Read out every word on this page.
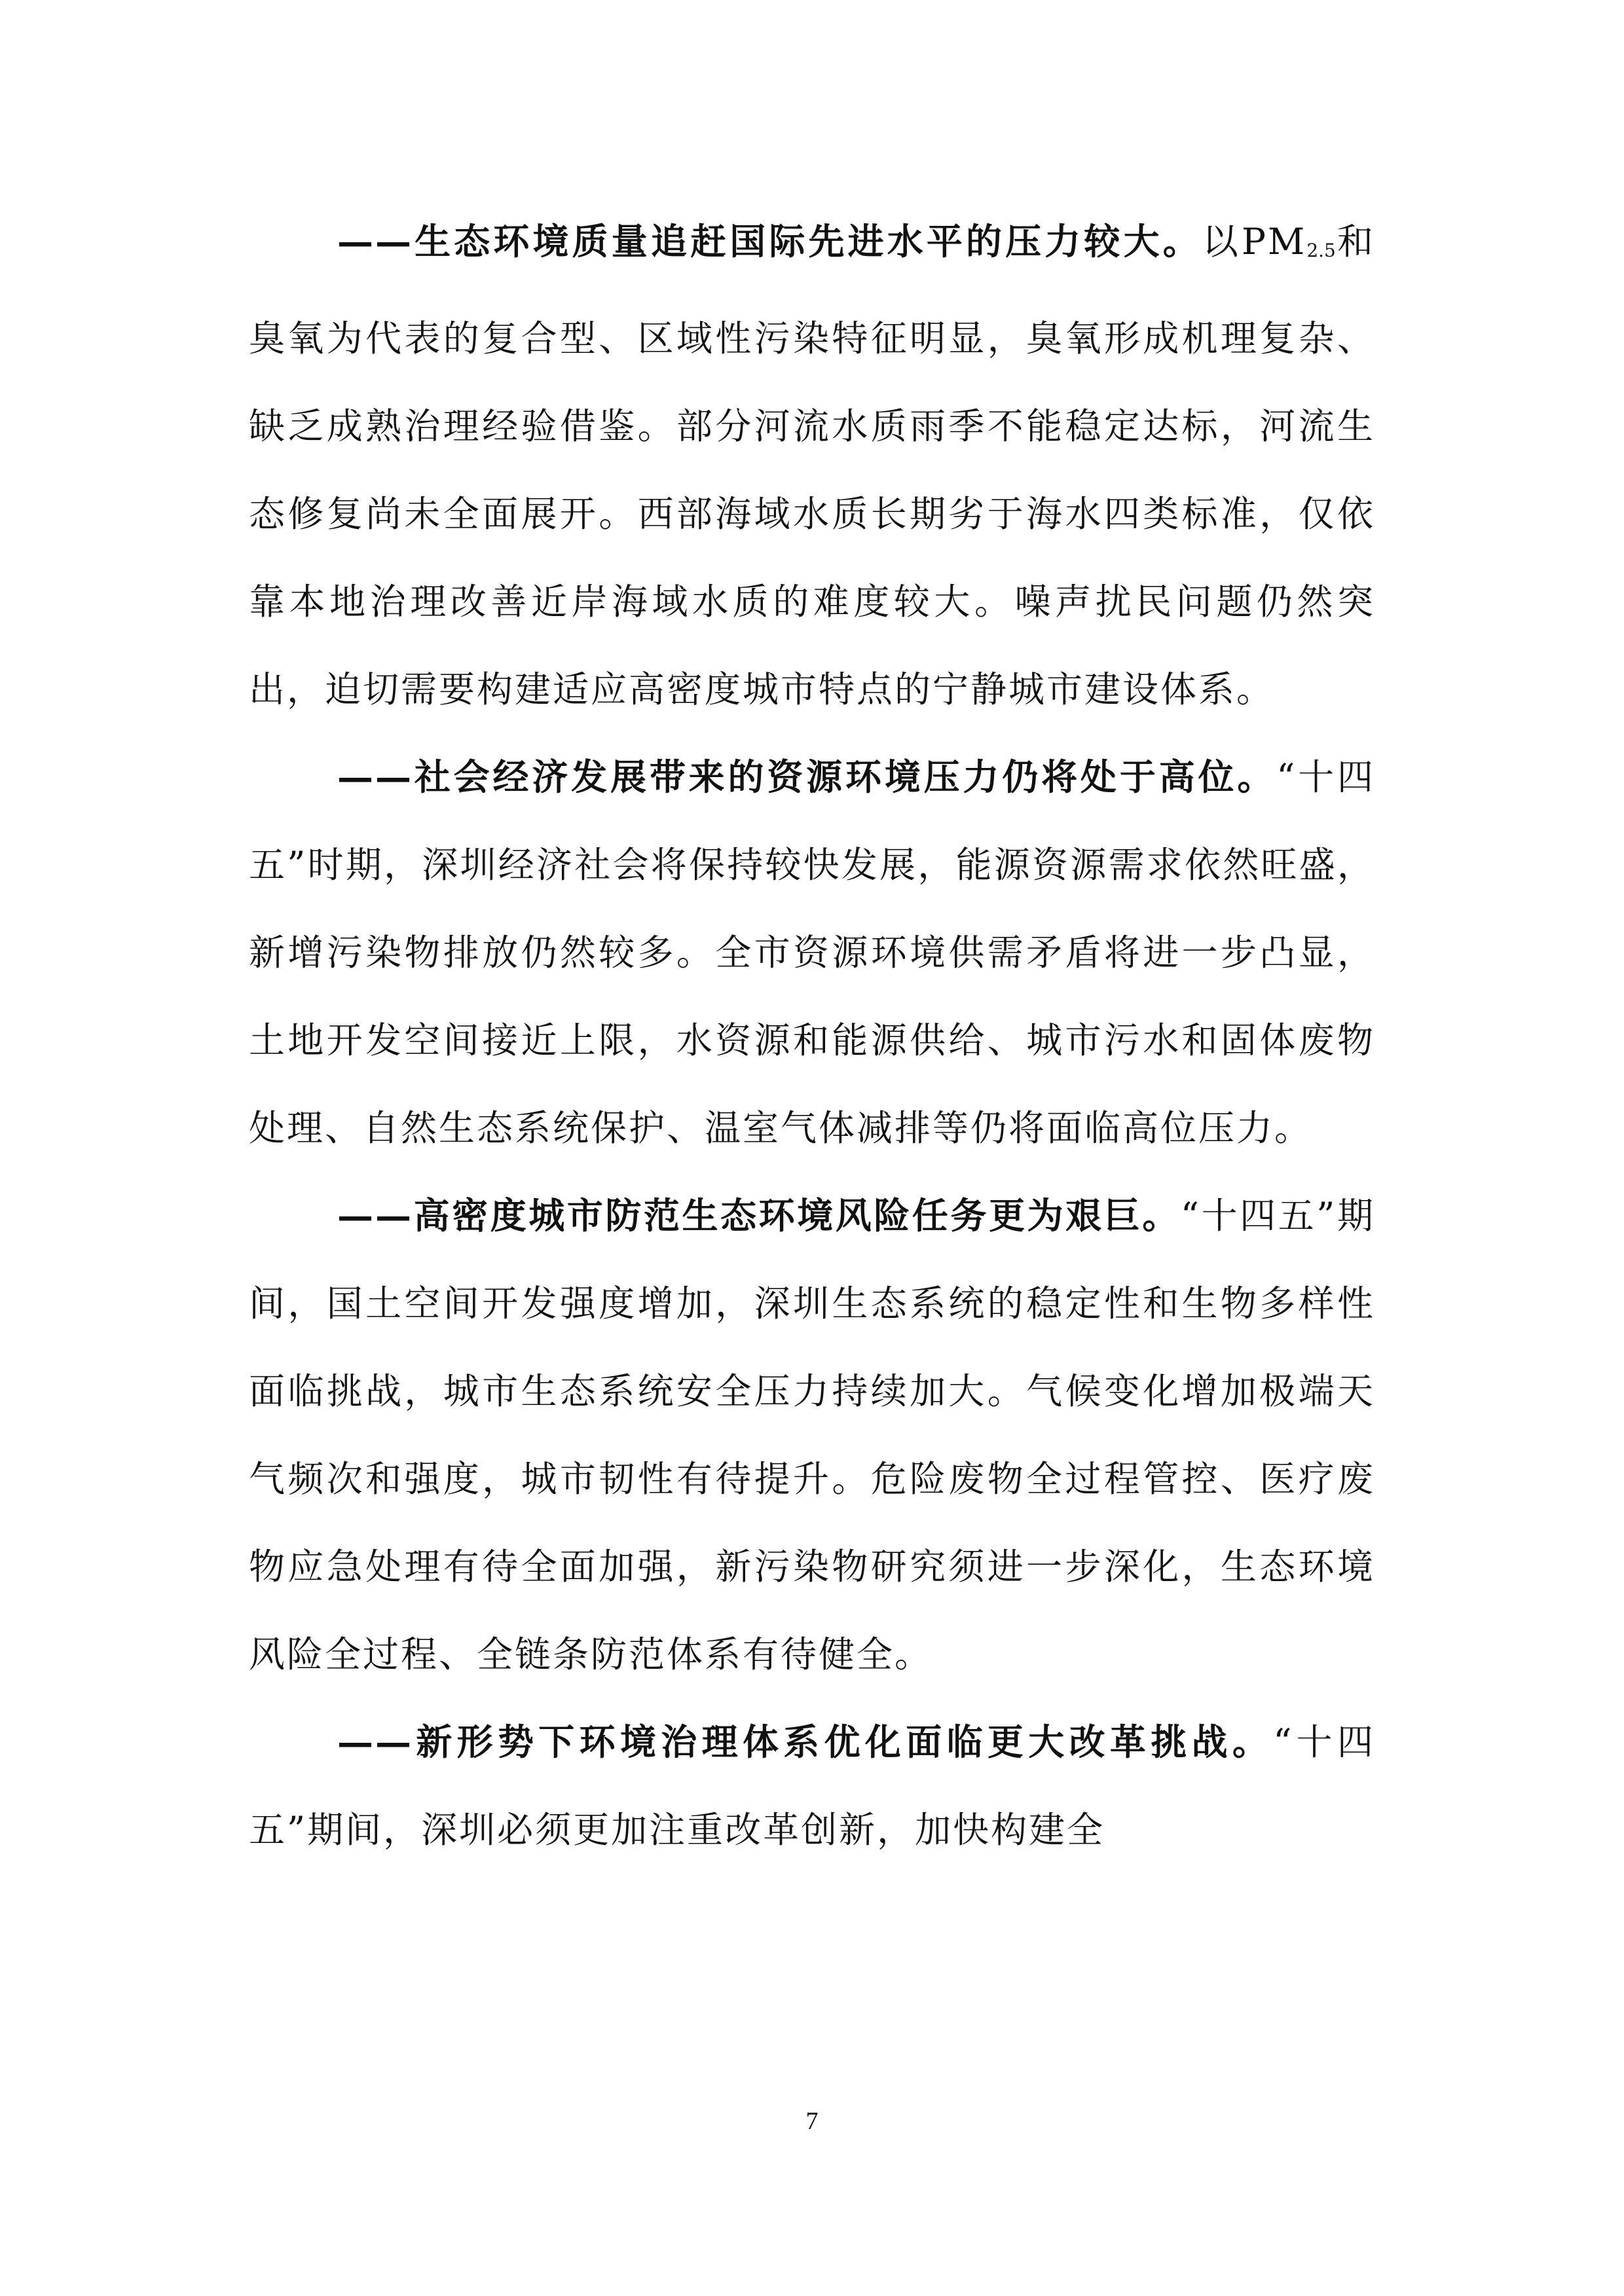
——生态环境质量追赶国际先进水平的压力较大。以PM2.5和臭氧为代表的复合型、区域性污染特征明显，臭氧形成机理复杂、缺乏成熟治理经验借鉴。部分河流水质雨季不能稳定达标，河流生态修复尚未全面展开。西部海域水质长期劣于海水四类标准，仅依靠本地治理改善近岸海域水质的难度较大。噪声扰民问题仍然突出，迫切需要构建适应高密度城市特点的宁静城市建设体系。

——社会经济发展带来的资源环境压力仍将处于高位。“十四五”时期，深圳经济社会将保持较快发展，能源资源需求依然旺盛，新增污染物排放仍然较多。全市资源环境供需矛盾将进一步凸显，土地开发空间接近上限，水资源和能源供给、城市污水和固体废物处理、自然生态系统保护、温室气体减排等仍将面临高位压力。

——高密度城市防范生态环境风险任务更为艰巨。“十四五”期间，国土空间开发强度增加，深圳生态系统的稳定性和生物多样性面临挑战，城市生态系统安全压力持续加大。气候变化增加极端天气频次和强度，城市韧性有待提升。危险废物全过程管控、医疗废物应急处理有待全面加强，新污染物研究须进一步深化，生态环境风险全过程、全链条防范体系有待健全。

——新形势下环境治理体系优化面临更大改革挑战。“十四五”期间，深圳必须更加注重改革创新，加快构建全

7
